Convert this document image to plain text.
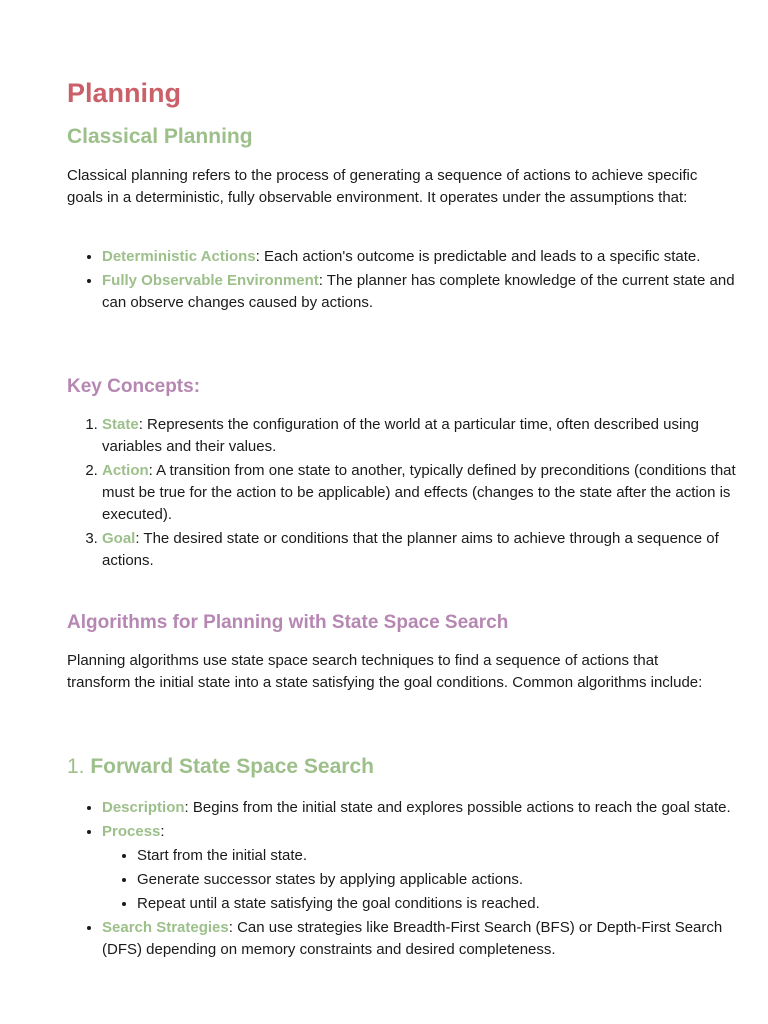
Planning
Classical Planning

Classical planning refers to the process of generating a sequence of actions to achieve specific goals in a deterministic, fully observable environment. It operates under the assumptions that:

• Deterministic Actions: Each action's outcome is predictable and leads to a specific state.
• Fully Observable Environment: The planner has complete knowledge of the current state and can observe changes caused by actions.
Key Concepts:
1. State: Represents the configuration of the world at a particular time, often described using variables and their values.
2. Action: A transition from one state to another, typically defined by preconditions (conditions that must be true for the action to be applicable) and effects (changes to the state after the action is executed).
3. Goal: The desired state or conditions that the planner aims to achieve through a sequence of actions.
Algorithms for Planning with State Space Search

Planning algorithms use state space search techniques to find a sequence of actions that transform the initial state into a state satisfying the goal conditions. Common algorithms include:

1. Forward State Space Search
• Description: Begins from the initial state and explores possible actions to reach the goal state.
• Process:
• Start from the initial state.
• Generate successor states by applying applicable actions.
• Repeat until a state satisfying the goal conditions is reached.
• Search Strategies: Can use strategies like Breadth-First Search (BFS) or Depth-First Search (DFS) depending on memory constraints and desired completeness.
